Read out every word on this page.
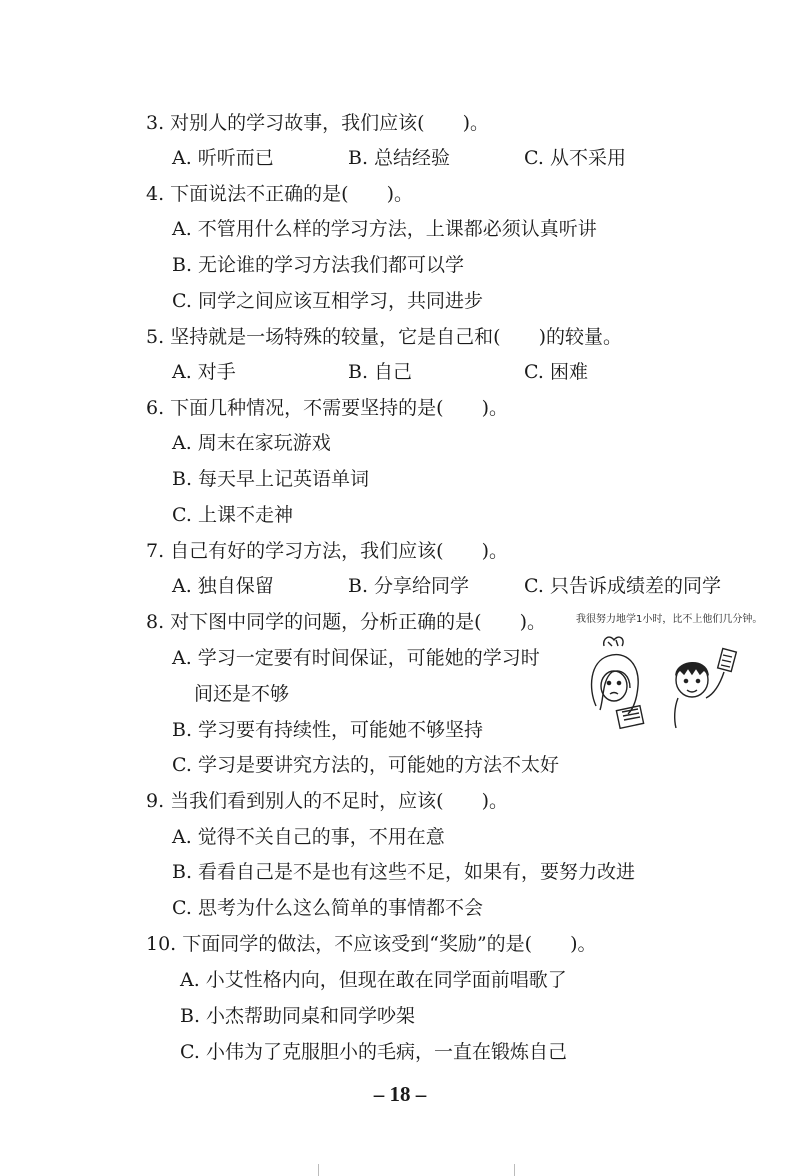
3. 对别人的学习故事，我们应该(　　)。
A. 听听而已	B. 总结经验	C. 从不采用
4. 下面说法不正确的是(　　)。
A. 不管用什么样的学习方法，上课都必须认真听讲
B. 无论谁的学习方法我们都可以学
C. 同学之间应该互相学习，共同进步
5. 坚持就是一场特殊的较量，它是自己和(　　)的较量。
A. 对手	B. 自己	C. 困难
6. 下面几种情况，不需要坚持的是(　　)。
A. 周末在家玩游戏
B. 每天早上记英语单词
C. 上课不走神
7. 自己有好的学习方法，我们应该(　　)。
A. 独自保留	B. 分享给同学	C. 只告诉成绩差的同学
8. 对下图中同学的问题，分析正确的是(　　)。
A. 学习一定要有时间保证，可能她的学习时
间还是不够
B. 学习要有持续性，可能她不够坚持
C. 学习是要讲究方法的，可能她的方法不太好
我很努力地学1小时，比不上他们几分钟。
9. 当我们看到别人的不足时，应该(　　)。
A. 觉得不关自己的事，不用在意
B. 看看自己是不是也有这些不足，如果有，要努力改进
C. 思考为什么这么简单的事情都不会
10. 下面同学的做法，不应该受到“奖励”的是(　　)。
A. 小艾性格内向，但现在敢在同学面前唱歌了
B. 小杰帮助同桌和同学吵架
C. 小伟为了克服胆小的毛病，一直在锻炼自己
– 18 –
